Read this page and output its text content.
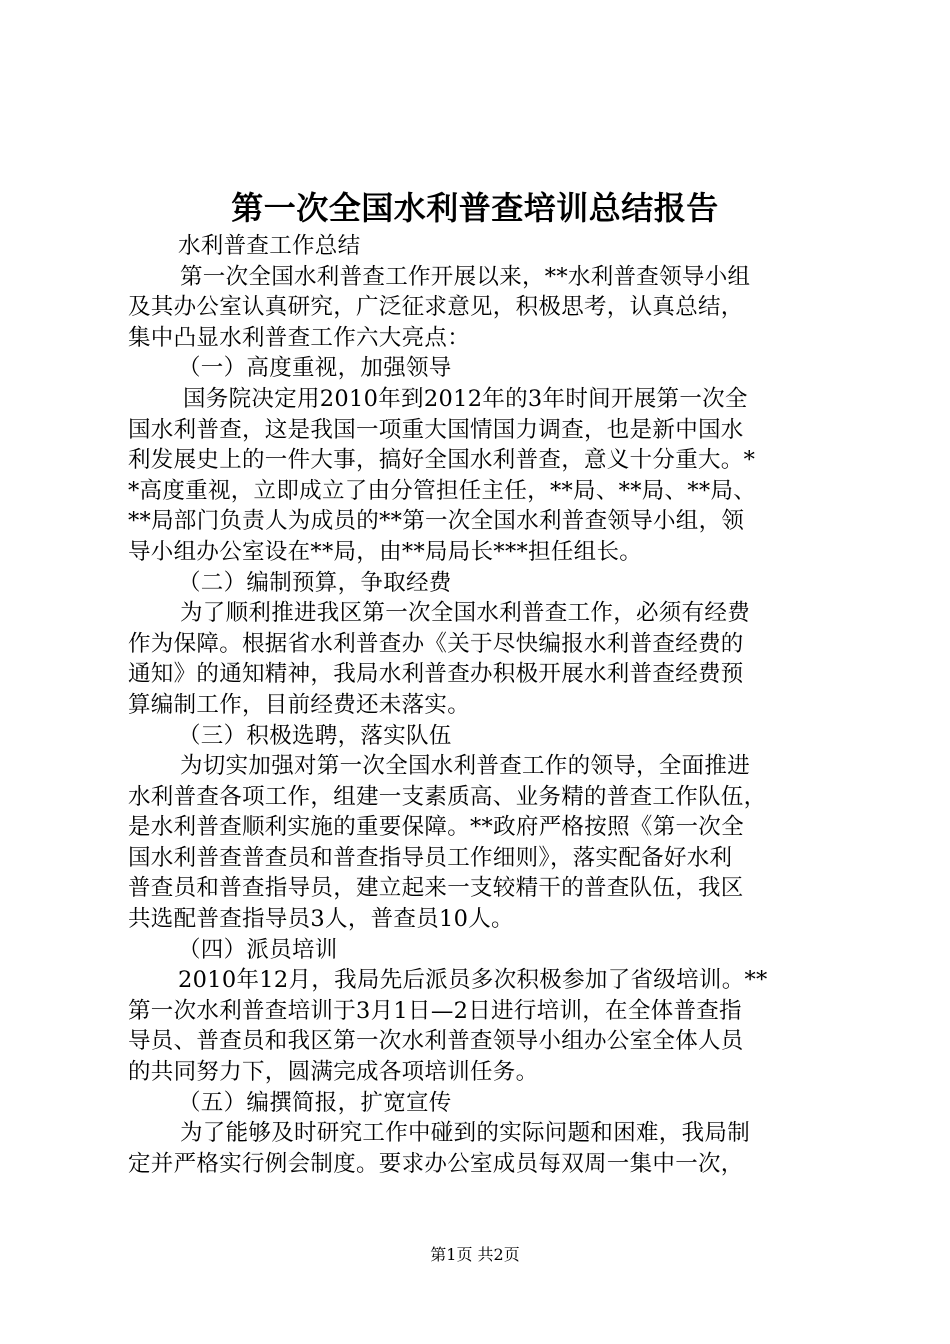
第一次全国水利普查培训总结报告
水利普查工作总结
第一次全国水利普查工作开展以来，**水利普查领导小组
及其办公室认真研究，广泛征求意见，积极思考，认真总结，
集中凸显水利普查工作六大亮点：
（一）高度重视，加强领导
国务院决定用2010年到2012年的3年时间开展第一次全
国水利普查，这是我国一项重大国情国力调查，也是新中国水
利发展史上的一件大事，搞好全国水利普查，意义十分重大。*
*高度重视，立即成立了由分管担任主任，**局、**局、**局、
**局部门负责人为成员的**第一次全国水利普查领导小组，领
导小组办公室设在**局，由**局局长***担任组长。
（二）编制预算，争取经费
为了顺利推进我区第一次全国水利普查工作，必须有经费
作为保障。根据省水利普查办《关于尽快编报水利普查经费的
通知》的通知精神，我局水利普查办积极开展水利普查经费预
算编制工作，目前经费还未落实。
（三）积极选聘，落实队伍
为切实加强对第一次全国水利普查工作的领导，全面推进
水利普查各项工作，组建一支素质高、业务精的普查工作队伍，
是水利普查顺利实施的重要保障。**政府严格按照《第一次全
国水利普查普查员和普查指导员工作细则》，落实配备好水利
普查员和普查指导员，建立起来一支较精干的普查队伍，我区
共选配普查指导员3人，普查员10人。
（四）派员培训
2010年12月，我局先后派员多次积极参加了省级培训。**
第一次水利普查培训于3月1日—2日进行培训，在全体普查指
导员、普查员和我区第一次水利普查领导小组办公室全体人员
的共同努力下，圆满完成各项培训任务。
（五）编撰简报，扩宽宣传
为了能够及时研究工作中碰到的实际问题和困难，我局制
定并严格实行例会制度。要求办公室成员每双周一集中一次，
第1页 共2页
